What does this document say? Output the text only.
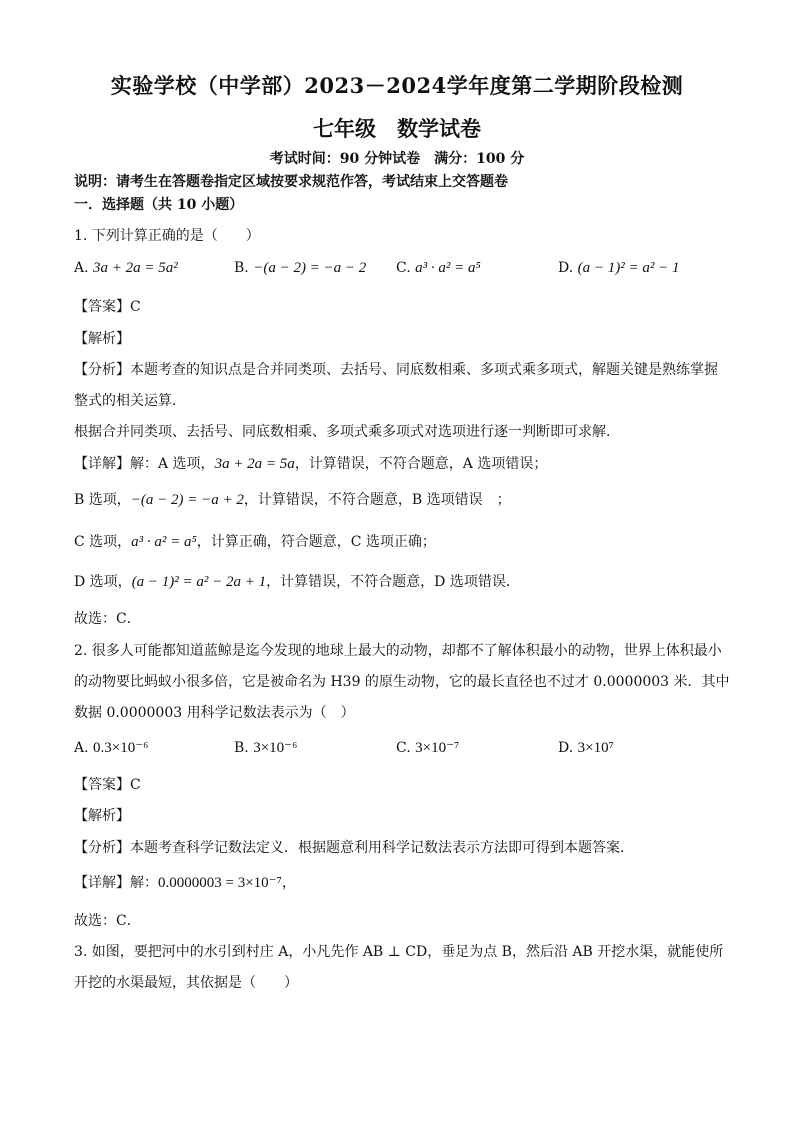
实验学校（中学部）2023－2024学年度第二学期阶段检测
七年级　数学试卷
考试时间：90 分钟试卷　满分：100 分
说明：请考生在答题卷指定区域按要求规范作答，考试结束上交答题卷
一．选择题（共 10 小题）
1. 下列计算正确的是（　　）
A. 3a + 2a = 5a²	B. −(a − 2) = −a − 2 C. a³ · a² = a⁵	D. (a − 1)² = a² − 1
【答案】C
【解析】
【分析】本题考查的知识点是合并同类项、去括号、同底数相乘、多项式乘多项式，解题关键是熟练掌握
整式的相关运算．
根据合并同类项、去括号、同底数相乘、多项式乘多项式对选项进行逐一判断即可求解．
【详解】解：A 选项，3a + 2a = 5a，计算错误，不符合题意，A 选项错误；
B 选项，−(a − 2) = −a + 2，计算错误，不符合题意，B 选项错误　；
C 选项，a³ · a² = a⁵，计算正确，符合题意，C 选项正确；
D 选项，(a − 1)² = a² − 2a + 1，计算错误，不符合题意，D 选项错误．
故选：C．
2. 很多人可能都知道蓝鲸是迄今发现的地球上最大的动物，却都不了解体积最小的动物，世界上体积最小
的动物要比蚂蚁小很多倍，它是被命名为 H39 的原生动物，它的最长直径也不过才 0.0000003 米．其中
数据 0.0000003 用科学记数法表示为（　）
A. 0.3×10⁻⁶	B. 3×10⁻⁶	C. 3×10⁻⁷	D. 3×10⁷
【答案】C
【解析】
【分析】本题考查科学记数法定义．根据题意利用科学记数法表示方法即可得到本题答案．
【详解】解：0.0000003 = 3×10⁻⁷，
故选：C．
3. 如图，要把河中的水引到村庄 A，小凡先作 AB ⊥ CD，垂足为点 B，然后沿 AB 开挖水渠，就能使所
开挖的水渠最短，其依据是（　　）
